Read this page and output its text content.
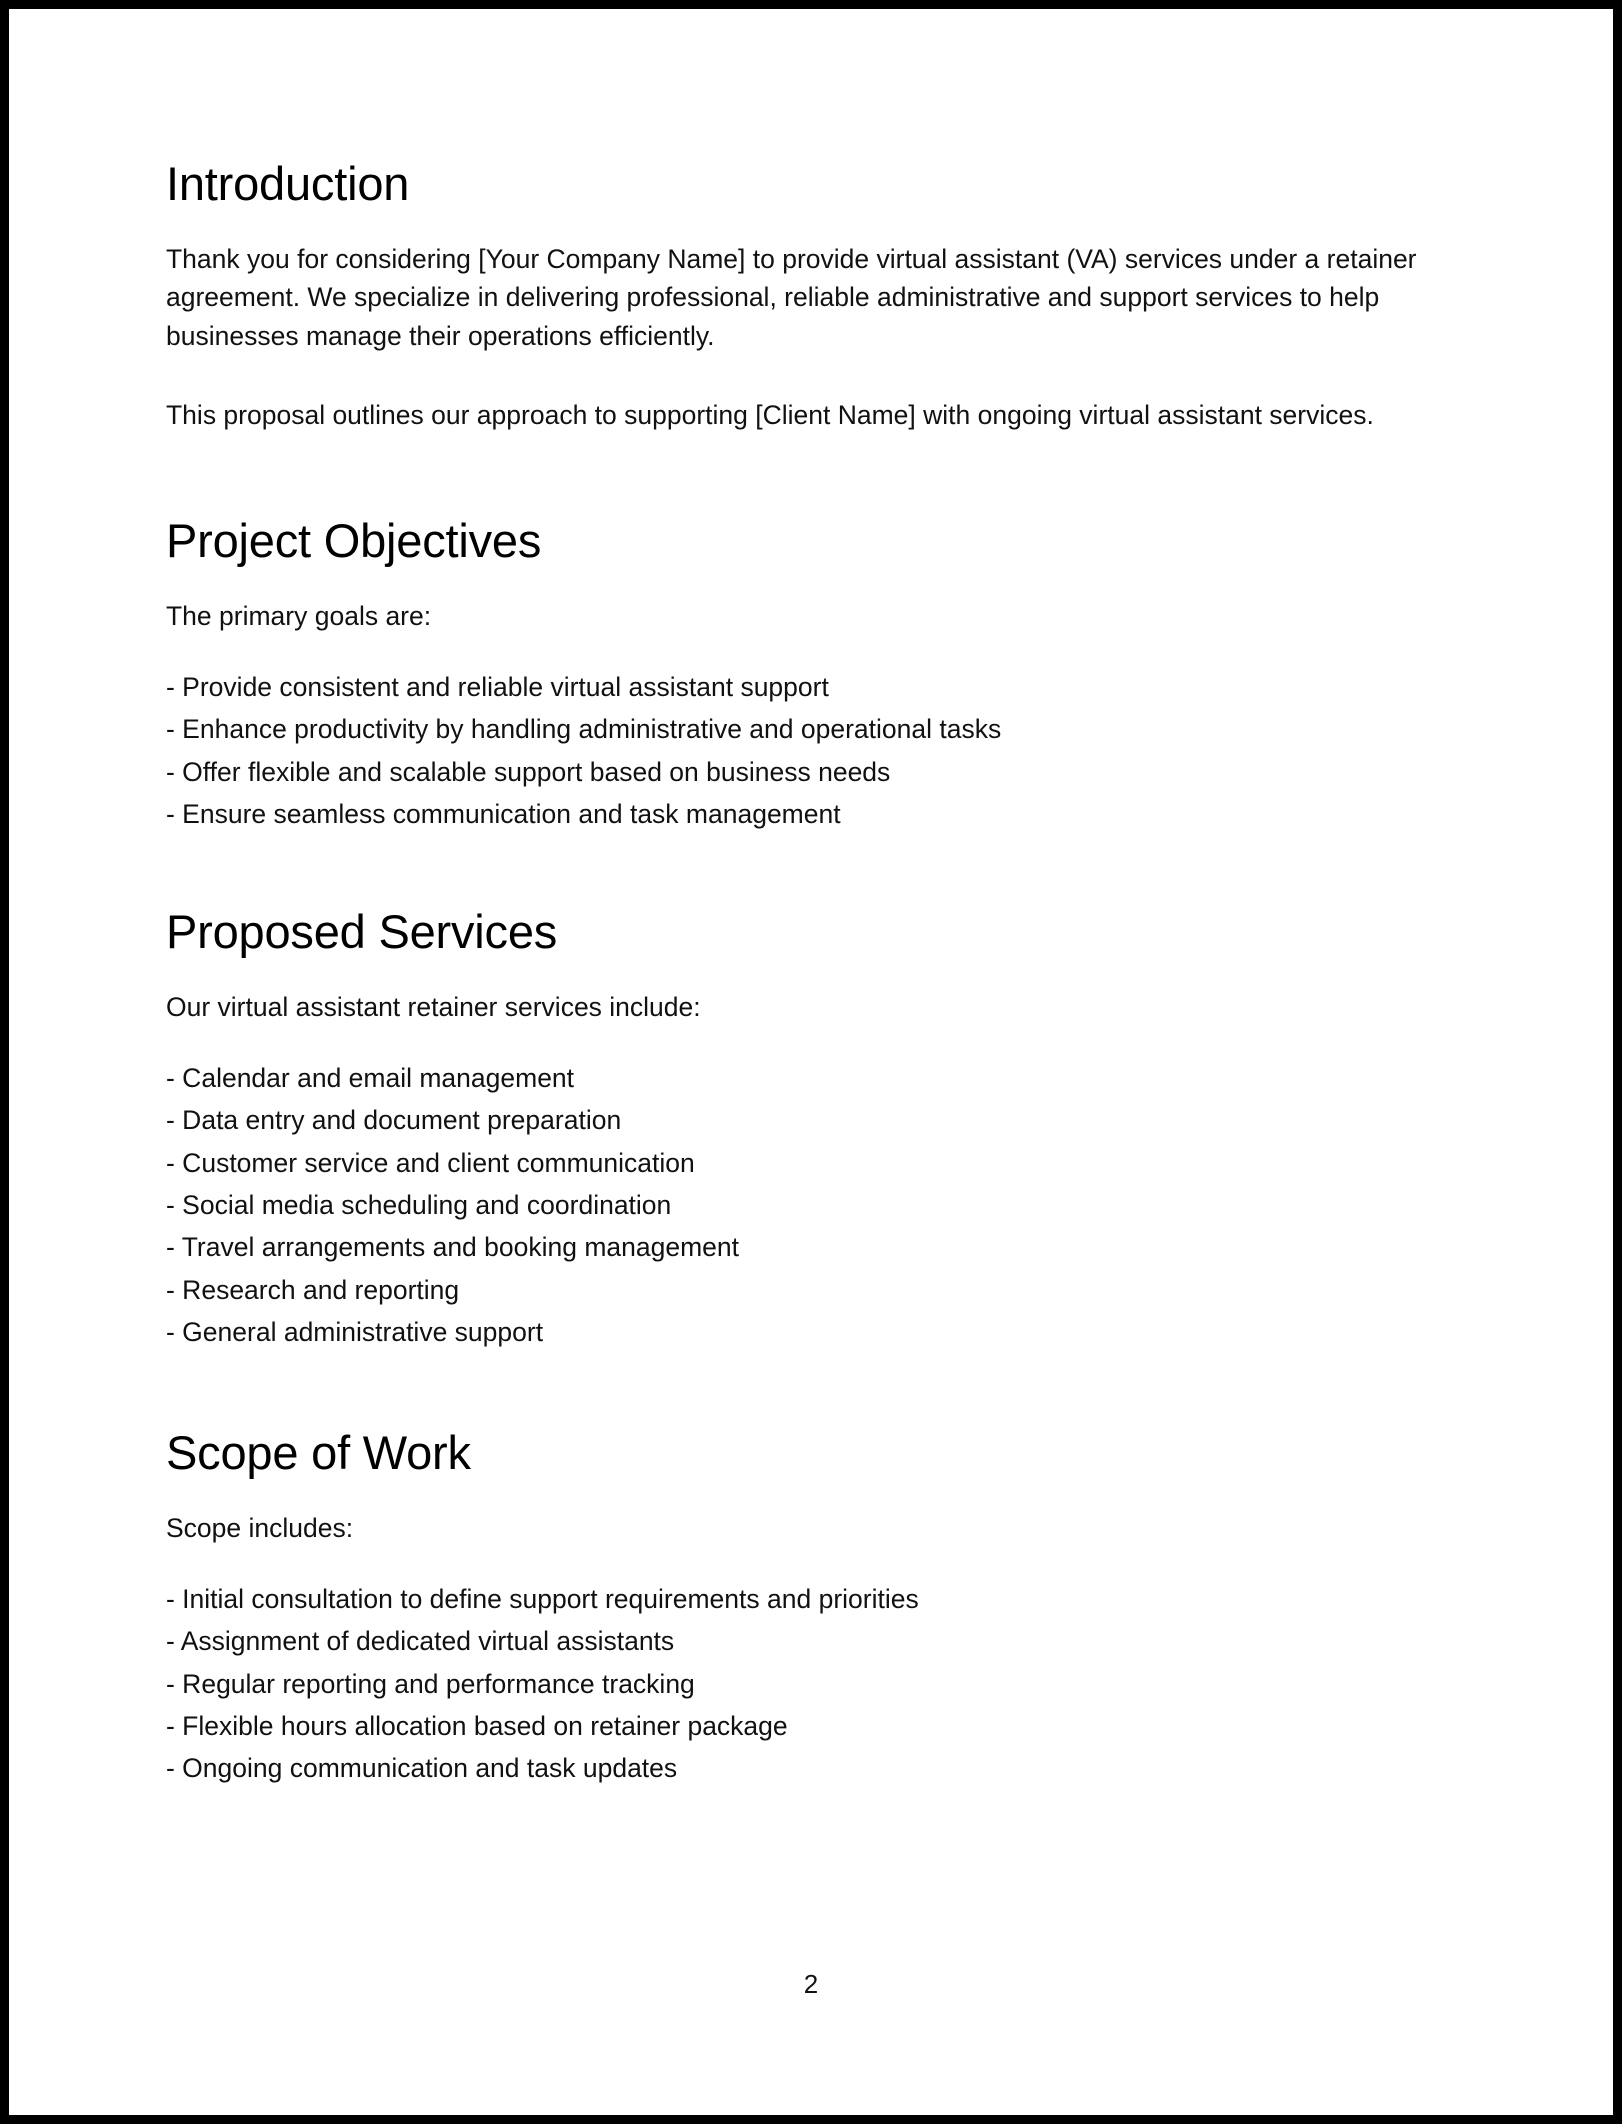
Introduction

Thank you for considering [Your Company Name] to provide virtual assistant (VA) services under a retainer agreement. We specialize in delivering professional, reliable administrative and support services to help businesses manage their operations efficiently.

This proposal outlines our approach to supporting [Client Name] with ongoing virtual assistant services.

Project Objectives

The primary goals are:

- Provide consistent and reliable virtual assistant support
- Enhance productivity by handling administrative and operational tasks
- Offer flexible and scalable support based on business needs
- Ensure seamless communication and task management
Proposed Services

Our virtual assistant retainer services include:

- Calendar and email management
- Data entry and document preparation
- Customer service and client communication
- Social media scheduling and coordination
- Travel arrangements and booking management
- Research and reporting
- General administrative support
Scope of Work

Scope includes:

- Initial consultation to define support requirements and priorities
- Assignment of dedicated virtual assistants
- Regular reporting and performance tracking
- Flexible hours allocation based on retainer package
- Ongoing communication and task updates
2
